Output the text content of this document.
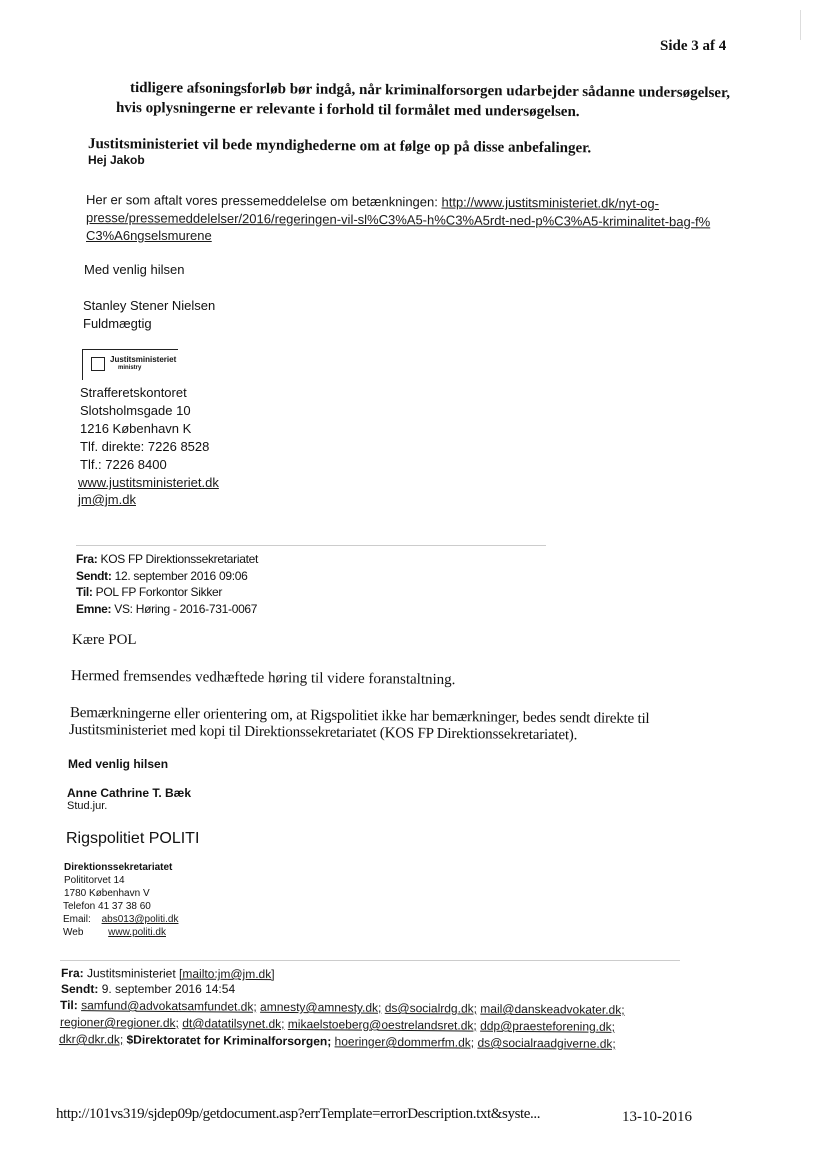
Side 3 af 4
tidligere afsoningsforløb bør indgå, når kriminalforsorgen udarbejder sådanne undersøgelser,
hvis oplysningerne er relevante i forhold til formålet med undersøgelsen.
Justitsministeriet vil bede myndighederne om at følge op på disse anbefalinger.
Hej Jakob
Her er som aftalt vores pressemeddelelse om betænkningen: http://www.justitsministeriet.dk/nyt-og-
presse/pressemeddelelser/2016/regeringen-vil-sl%C3%A5-h%C3%A5rdt-ned-p%C3%A5-kriminalitet-bag-f%
C3%A6ngselsmurene
Med venlig hilsen
Stanley Stener Nielsen
Fuldmægtig
Justitsministeriet
ministry
Strafferetskontoret
Slotsholmsgade 10
1216 København K
Tlf. direkte: 7226 8528
Tlf.: 7226 8400
www.justitsministeriet.dk
jm@jm.dk
Fra: KOS FP Direktionssekretariatet
Sendt: 12. september 2016 09:06
Til: POL FP Forkontor Sikker
Emne: VS: Høring - 2016-731-0067
Kære POL
Hermed fremsendes vedhæftede høring til videre foranstaltning.
Bemærkningerne eller orientering om, at Rigspolitiet ikke har bemærkninger, bedes sendt direkte til
Justitsministeriet med kopi til Direktionssekretariatet (KOS FP Direktionssekretariatet).
Med venlig hilsen
Anne Cathrine T. Bæk
Stud.jur.
Rigspolitiet POLITI
Direktionssekretariatet
Polititorvet 14
1780 København V
Telefon 41 37 38 60
Email: abs013@politi.dk
Web www.politi.dk
Fra: Justitsministeriet [mailto:jm@jm.dk]
Sendt: 9. september 2016 14:54
Til: samfund@advokatsamfundet.dk; amnesty@amnesty.dk; ds@socialrdg.dk; mail@danskeadvokater.dk;
regioner@regioner.dk; dt@datatilsynet.dk; mikaelstoeberg@oestrelandsret.dk; ddp@praesteforening.dk;
dkr@dkr.dk; $Direktoratet for Kriminalforsorgen; hoeringer@dommerfm.dk; ds@socialraadgiverne.dk;
http://101vs319/sjdep09p/getdocument.asp?errTemplate=errorDescription.txt&syste...	13-10-2016
